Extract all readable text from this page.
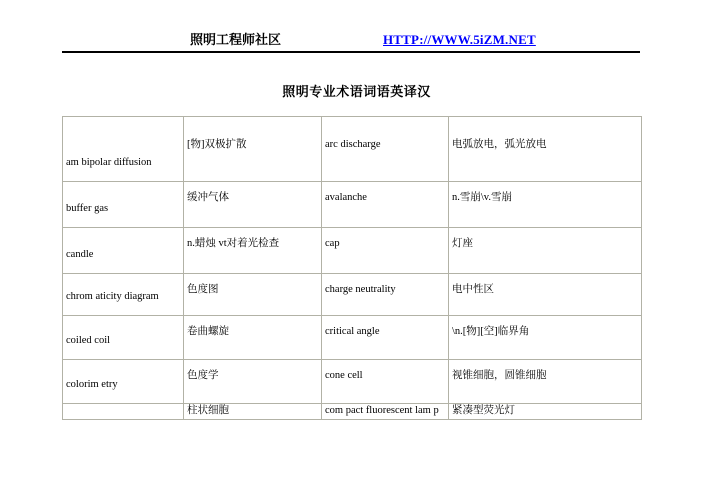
照明工程师社区	HTTP://WWW.5iZM.NET
照明专业术语词语英译汉
am bipolar diffusion	[物]双极扩散	arc discharge	电弧放电，弧光放电
buffer gas	缓冲气体	avalanche	n.雪崩\v.雪崩
candle	n.蜡烛 vt对着光检查	cap	灯座
chrom aticity diagram	色度图	charge neutrality	电中性区
coiled coil	卷曲螺旋	critical angle	\n.[物][空]临界角
colorim etry	色度学	cone cell	视锥细胞，圆锥细胞
	柱状细胞	com pact fluorescent lam p	紧凑型荧光灯
